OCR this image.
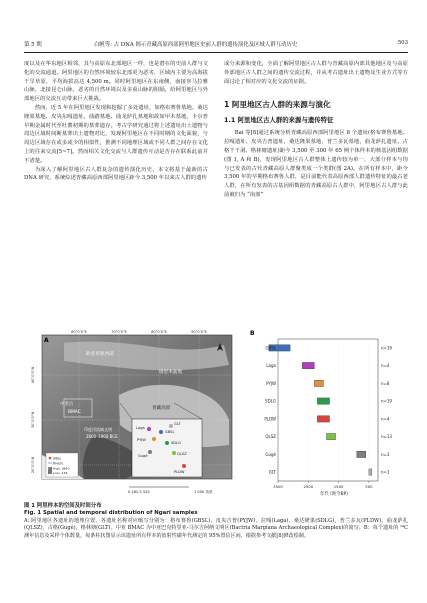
第 5 期	白帆等: 古 DNA 揭示青藏高原西部阿里地区史前人群的遗传演化及区域人群互动历史	503

度以及在华东地区相邻，其与高原东北部地区一样，也是潜在的史前人群与文化的交流通道。阿里地区的自然环境较东北部更为恶劣，区域内主要为高海拔干旱草原，平均海拔高达 4,500 m。同时阿里地区在东南侧，南接喜马拉雅山脉，北接昆仑山脉，恶劣的自然环境以及多重山脉的阻隔，给阿里地区与外部地区的交流互动带来巨大挑战。

然而，近 5 年在阿里地区发现和挖掘了多处遗址，如格布赛鲁墓地、桑达隆果墓地、皮央东嘎遗址、曲踏墓地、曲龙萨扎墓地和故如甲木墓地、卡尔普早期金属时代至吐蕃初期的墓葬遗存。考古学研究通过将上述遗址出土遗物与周边区域时间断墓葬出土遗物对比，发现阿里地区在不同时期的文化面貌，与周边区域存在或多或少的相似性，推测不同地理区域或不同人群之间存在文化上的往来交流[5~7]。然而相关文化交流与人群遗传互动是否存在联系此前并不清楚。

为深入了解阿里地区古人群复杂的遗传演化历史，本文将基于最新的古 DNA 研究，系统综述青藏高原西部阿里地区距今 3,500 年以来古人群的遗传

成分来源和变化，全面了解阿里地区古人群与青藏高原内部其他地区及与高原外部地区古人群之间的遗传交流过程，并从考古遗址出土遗物及生业方式等方面讨论了相对应的文化交流的证据。

1 阿里地区古人群的来源与演化
1.1 阿里地区古人群的来源与遗传特征

Bai 等[8]通过系统分析青藏高原西部阿里地区 8 个遗址(格布赛鲁墓地、拉嘎遗址、皮央吉普遗址、桑达隆果墓地、普兰多瓦墓地、曲龙萨扎遗址、古格千千洞、格林塘遗址)距今 3,500 至 300 年 65 例个体样本的核基因组数据(图 1, A 和 B)，发现阿里地区古人群整体上遗传较为单一，大部分样本与均与已发表的古代青藏高原人群聚类成一个类群(图 2A)。在所有样本中，距今 3,500 年的早期格布赛鲁人群，是目前能代表高原西部人群遗传特征的最古老人群，在所有发表的古基因组数据的青藏高原古人群中，阿里地区古人群与此前被归为 “南部”

60°0'0"E	70°0'0"E	80°0'0"E	90°0'0"E
40°0'0"N
30°0'0"N
20°0'0"N
A
欧亚草原西部
塔里木盆地
中亚古
BMAC
青藏高原
印度河流域文明
2600–1900 BCE
Laga
GBSL
GLT
PYJW
SDLG
QLSZ
Gugé
PLDW
Sites
Rivers
High: 8850
Low: -154
0 262.5 525	1 050 英里
B
GBSL	n=19
Laga	n=4
PYJW	n=8
SDLG	n=19
PLDW	n=4
QLSZ	n=13
Gugé	n=3
GLT	n=1
3500	2500	1500	500
年代 (距今BP)
图 1 阿里样本的空间及时间分布
Fig. 1 Spatial and temporal distribution of Ngari samples
A: 阿里地区各遗址的地理位置，各遗址名称对应缩写分别为：格布赛鲁(GBSL)，皮央吉普(PYJW)，拉嘎(Laga)，桑达隆果(SDLG)，普兰多瓦(PLDW)，曲龙萨扎(QLSZ)，古格(Gugé)，格林塘(GLT)。中亚 BMAC 为中亚巴克特里亚-马尔吉阿纳文明区(Bactria Margiana Archaeological Complex)的简写。B：每个遗址的 ¹⁴C 测年信息及采样个体数量，每条柱状图显示该遗址所有样本的放射性碳年代测定的 95%置信区间，根据参考文献[8]修改绘制。
